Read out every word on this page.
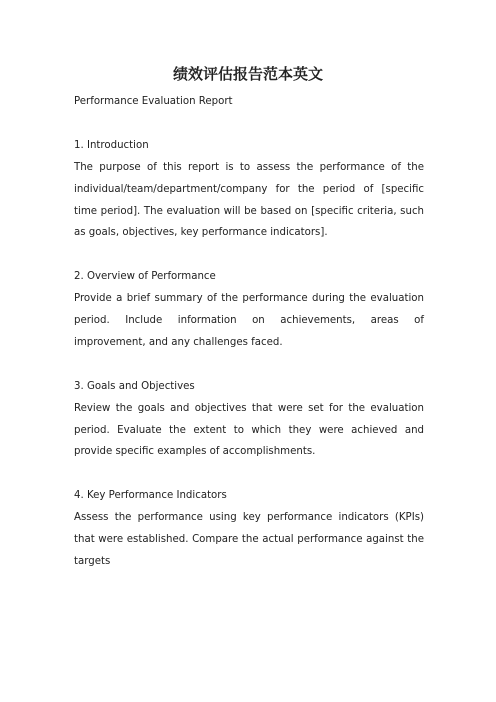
绩效评估报告范本英文

Performance Evaluation Report

1. Introduction

The purpose of this report is to assess the performance of the individual/team/department/company for the period of [specific time period]. The evaluation will be based on [specific criteria, such as goals, objectives, key performance indicators].

2. Overview of Performance

Provide a brief summary of the performance during the evaluation period. Include information on achievements, areas of improvement, and any challenges faced.

3. Goals and Objectives

Review the goals and objectives that were set for the evaluation period. Evaluate the extent to which they were achieved and provide specific examples of accomplishments.

4. Key Performance Indicators

Assess the performance using key performance indicators (KPIs) that were established. Compare the actual performance against the targets
